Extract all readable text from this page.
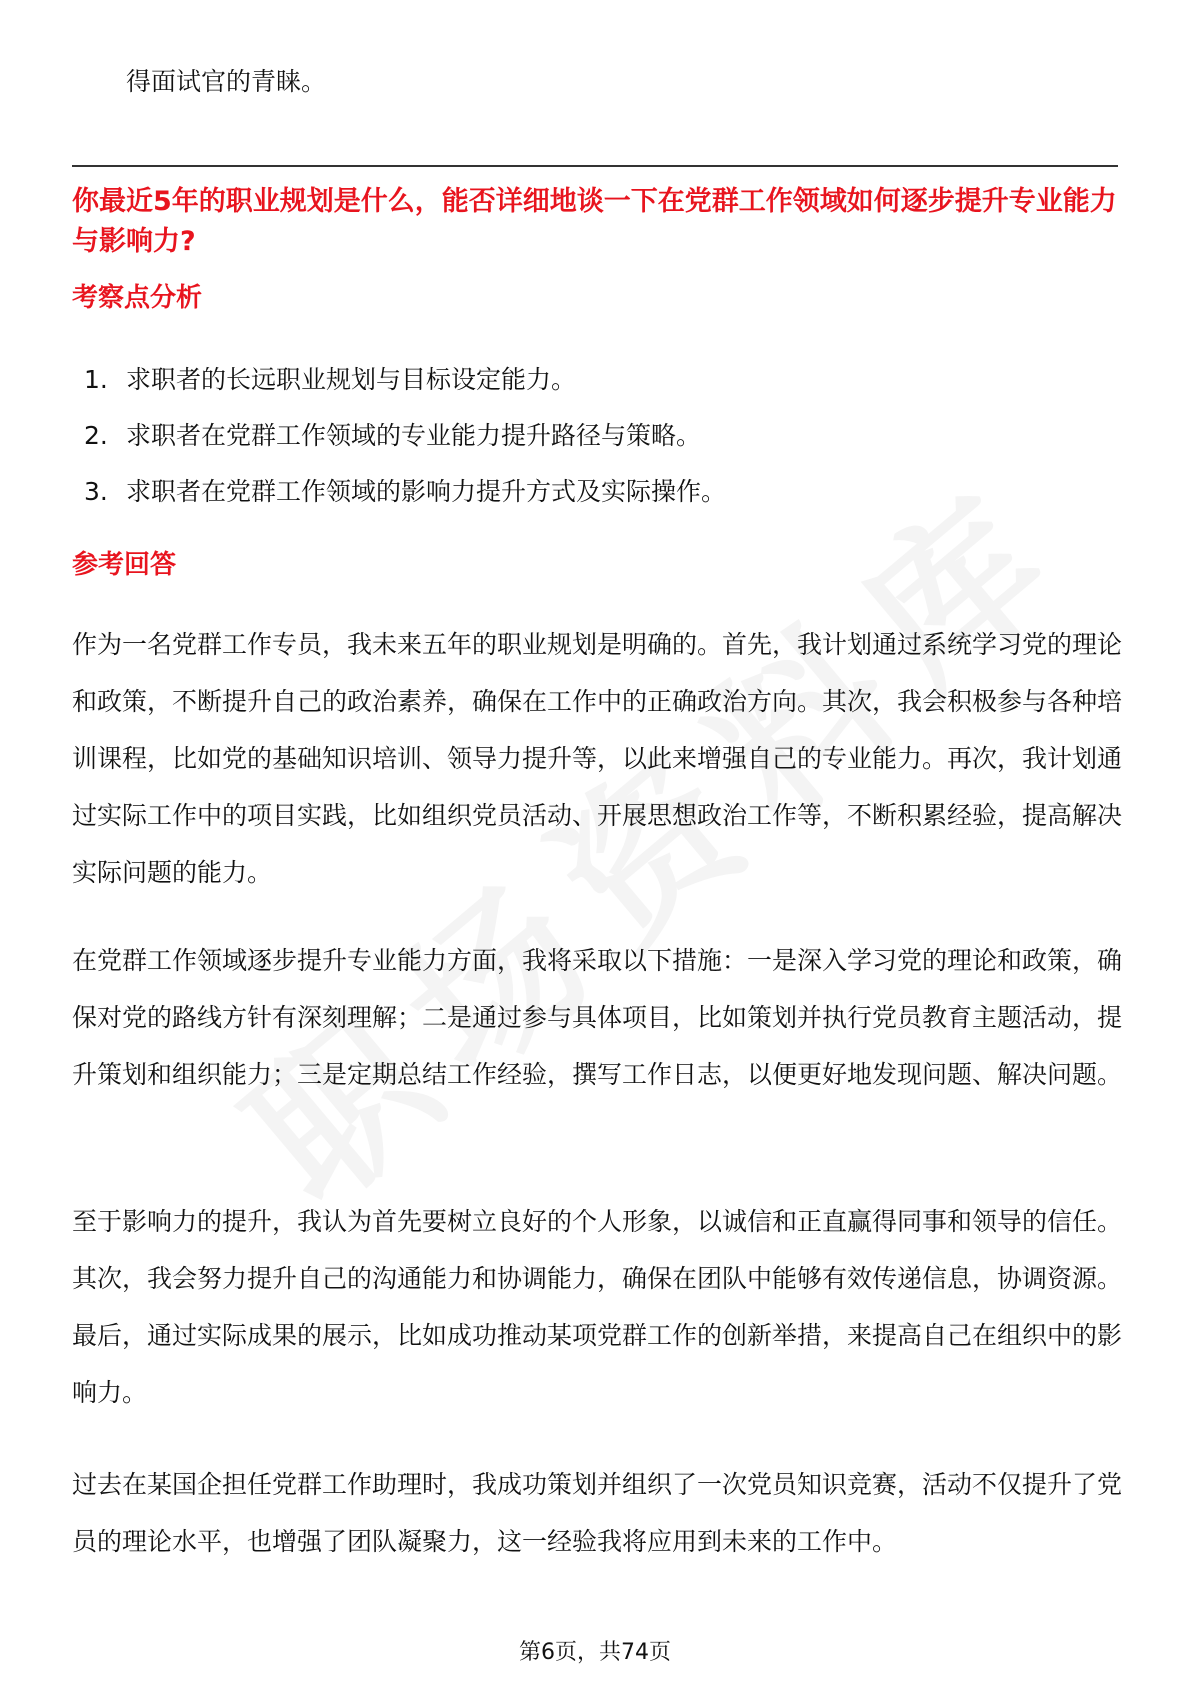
得面试官的青睐。
你最近5年的职业规划是什么，能否详细地谈一下在党群工作领域如何逐步提升专业能力与影响力?
考察点分析
1. 求职者的长远职业规划与目标设定能力。
2. 求职者在党群工作领域的专业能力提升路径与策略。
3. 求职者在党群工作领域的影响力提升方式及实际操作。
参考回答

作为一名党群工作专员，我未来五年的职业规划是明确的。首先，我计划通过系统学习党的理论和政策，不断提升自己的政治素养，确保在工作中的正确政治方向。其次，我会积极参与各种培训课程，比如党的基础知识培训、领导力提升等，以此来增强自己的专业能力。再次，我计划通过实际工作中的项目实践，比如组织党员活动、开展思想政治工作等，不断积累经验，提高解决实际问题的能力。

在党群工作领域逐步提升专业能力方面，我将采取以下措施：一是深入学习党的理论和政策，确保对党的路线方针有深刻理解；二是通过参与具体项目，比如策划并执行党员教育主题活动，提升策划和组织能力；三是定期总结工作经验，撰写工作日志，以便更好地发现问题、解决问题。

至于影响力的提升，我认为首先要树立良好的个人形象，以诚信和正直赢得同事和领导的信任。其次，我会努力提升自己的沟通能力和协调能力，确保在团队中能够有效传递信息，协调资源。最后，通过实际成果的展示，比如成功推动某项党群工作的创新举措，来提高自己在组织中的影响力。

过去在某国企担任党群工作助理时，我成功策划并组织了一次党员知识竞赛，活动不仅提升了党员的理论水平，也增强了团队凝聚力，这一经验我将应用到未来的工作中。

第6页，共74页
